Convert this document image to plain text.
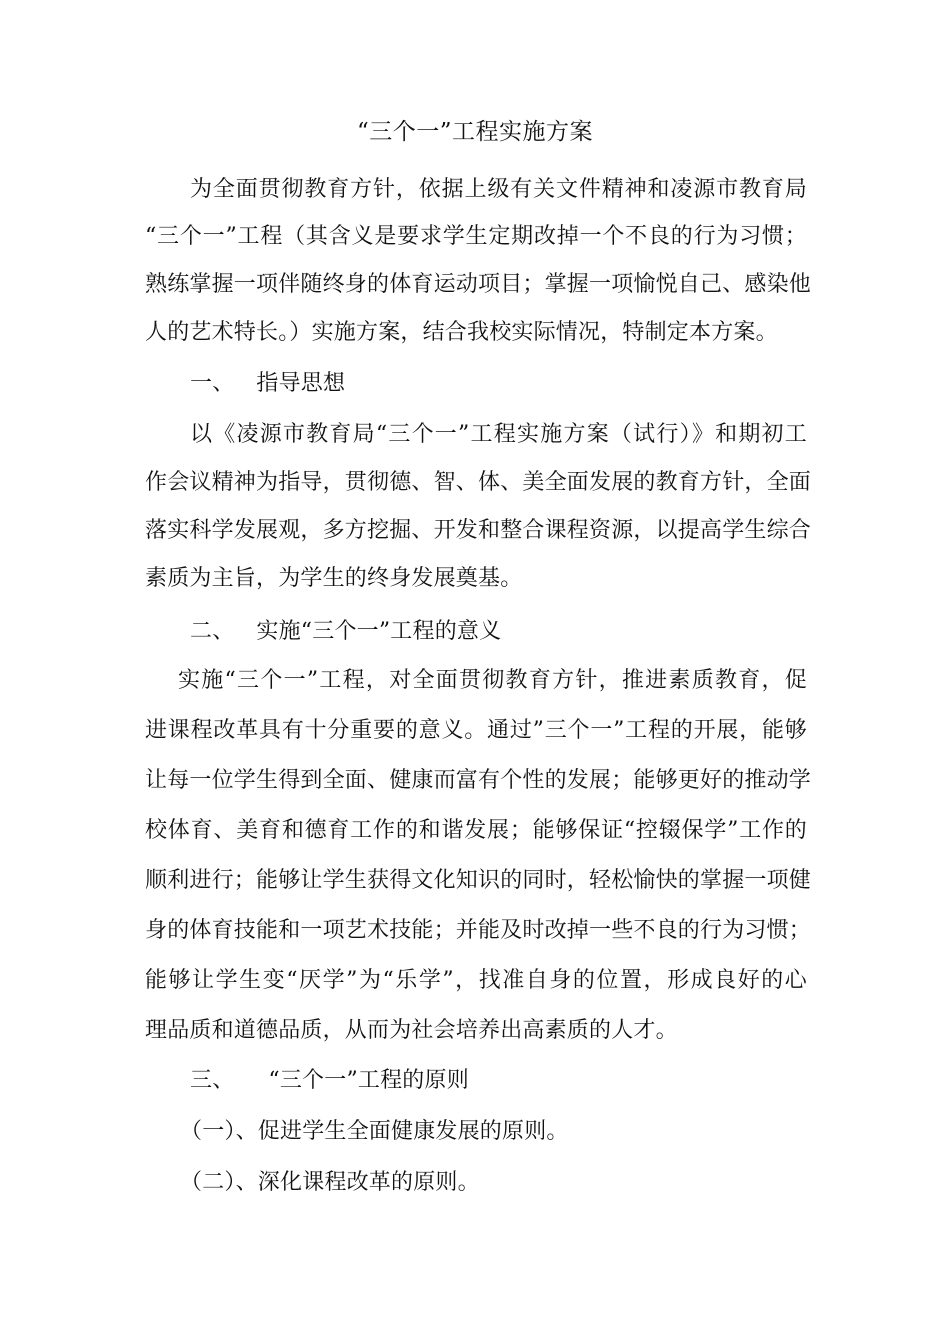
“三个一”工程实施方案
为全面贯彻教育方针，依据上级有关文件精神和凌源市教育局
“三个一”工程（其含义是要求学生定期改掉一个不良的行为习惯；
熟练掌握一项伴随终身的体育运动项目；掌握一项愉悦自己、感染他
人的艺术特长。）实施方案，结合我校实际情况，特制定本方案。
一、 指导思想
以《凌源市教育局“三个一”工程实施方案（试行）》和期初工
作会议精神为指导，贯彻德、智、体、美全面发展的教育方针，全面
落实科学发展观，多方挖掘、开发和整合课程资源，以提高学生综合
素质为主旨，为学生的终身发展奠基。
二、 实施“三个一”工程的意义
实施“三个一”工程，对全面贯彻教育方针，推进素质教育，促
进课程改革具有十分重要的意义。通过”三个一”工程的开展，能够
让每一位学生得到全面、健康而富有个性的发展；能够更好的推动学
校体育、美育和德育工作的和谐发展；能够保证“控辍保学”工作的
顺利进行；能够让学生获得文化知识的同时，轻松愉快的掌握一项健
身的体育技能和一项艺术技能；并能及时改掉一些不良的行为习惯；
能够让学生变“厌学”为“乐学”，找准自身的位置，形成良好的心
理品质和道德品质，从而为社会培养出高素质的人才。
三、 “三个一”工程的原则
（一）、促进学生全面健康发展的原则。
（二）、深化课程改革的原则。
